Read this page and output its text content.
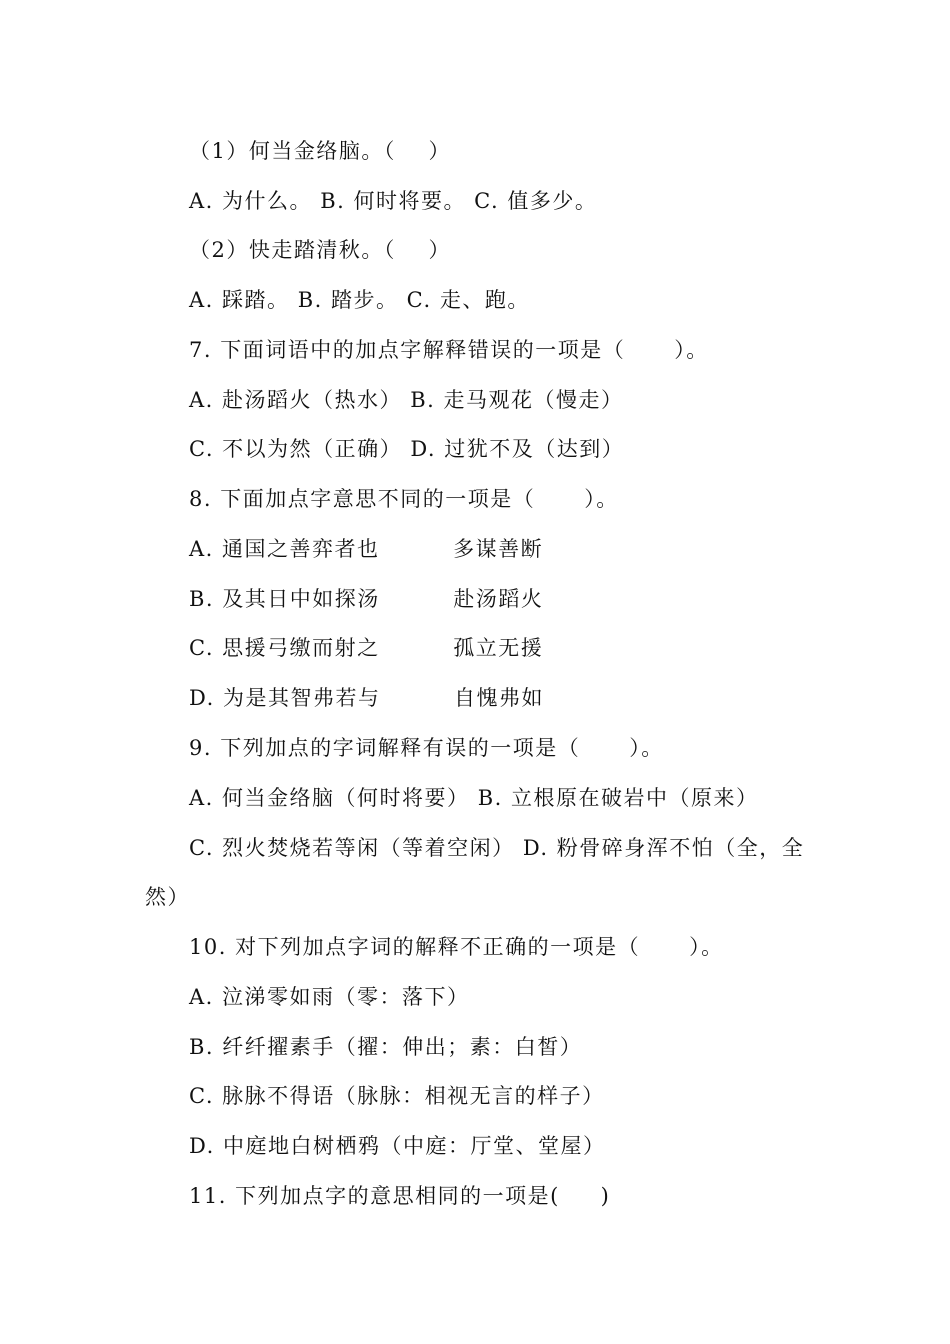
（1）何当金络脑。（    ）
A. 为什么。 B. 何时将要。 C. 值多少。
（2）快走踏清秋。（    ）
A. 踩踏。 B. 踏步。 C. 走、跑。
7. 下面词语中的加点字解释错误的一项是（      ）。
A. 赴汤蹈火（热水） B. 走马观花（慢走）
C. 不以为然（正确） D. 过犹不及（达到）
8. 下面加点字意思不同的一项是（      ）。
A. 通国之善弈者也         多谋善断
B. 及其日中如探汤         赴汤蹈火
C. 思援弓缴而射之         孤立无援
D. 为是其智弗若与         自愧弗如
9. 下列加点的字词解释有误的一项是（      ）。
A. 何当金络脑（何时将要） B. 立根原在破岩中（原来）
C. 烈火焚烧若等闲（等着空闲） D. 粉骨碎身浑不怕（全，全
然）
10. 对下列加点字词的解释不正确的一项是（      ）。
A. 泣涕零如雨（零：落下）
B. 纤纤擢素手（擢：伸出；素：白皙）
C. 脉脉不得语（脉脉：相视无言的样子）
D. 中庭地白树栖鸦（中庭：厅堂、堂屋）
11. 下列加点字的意思相同的一项是(     )
